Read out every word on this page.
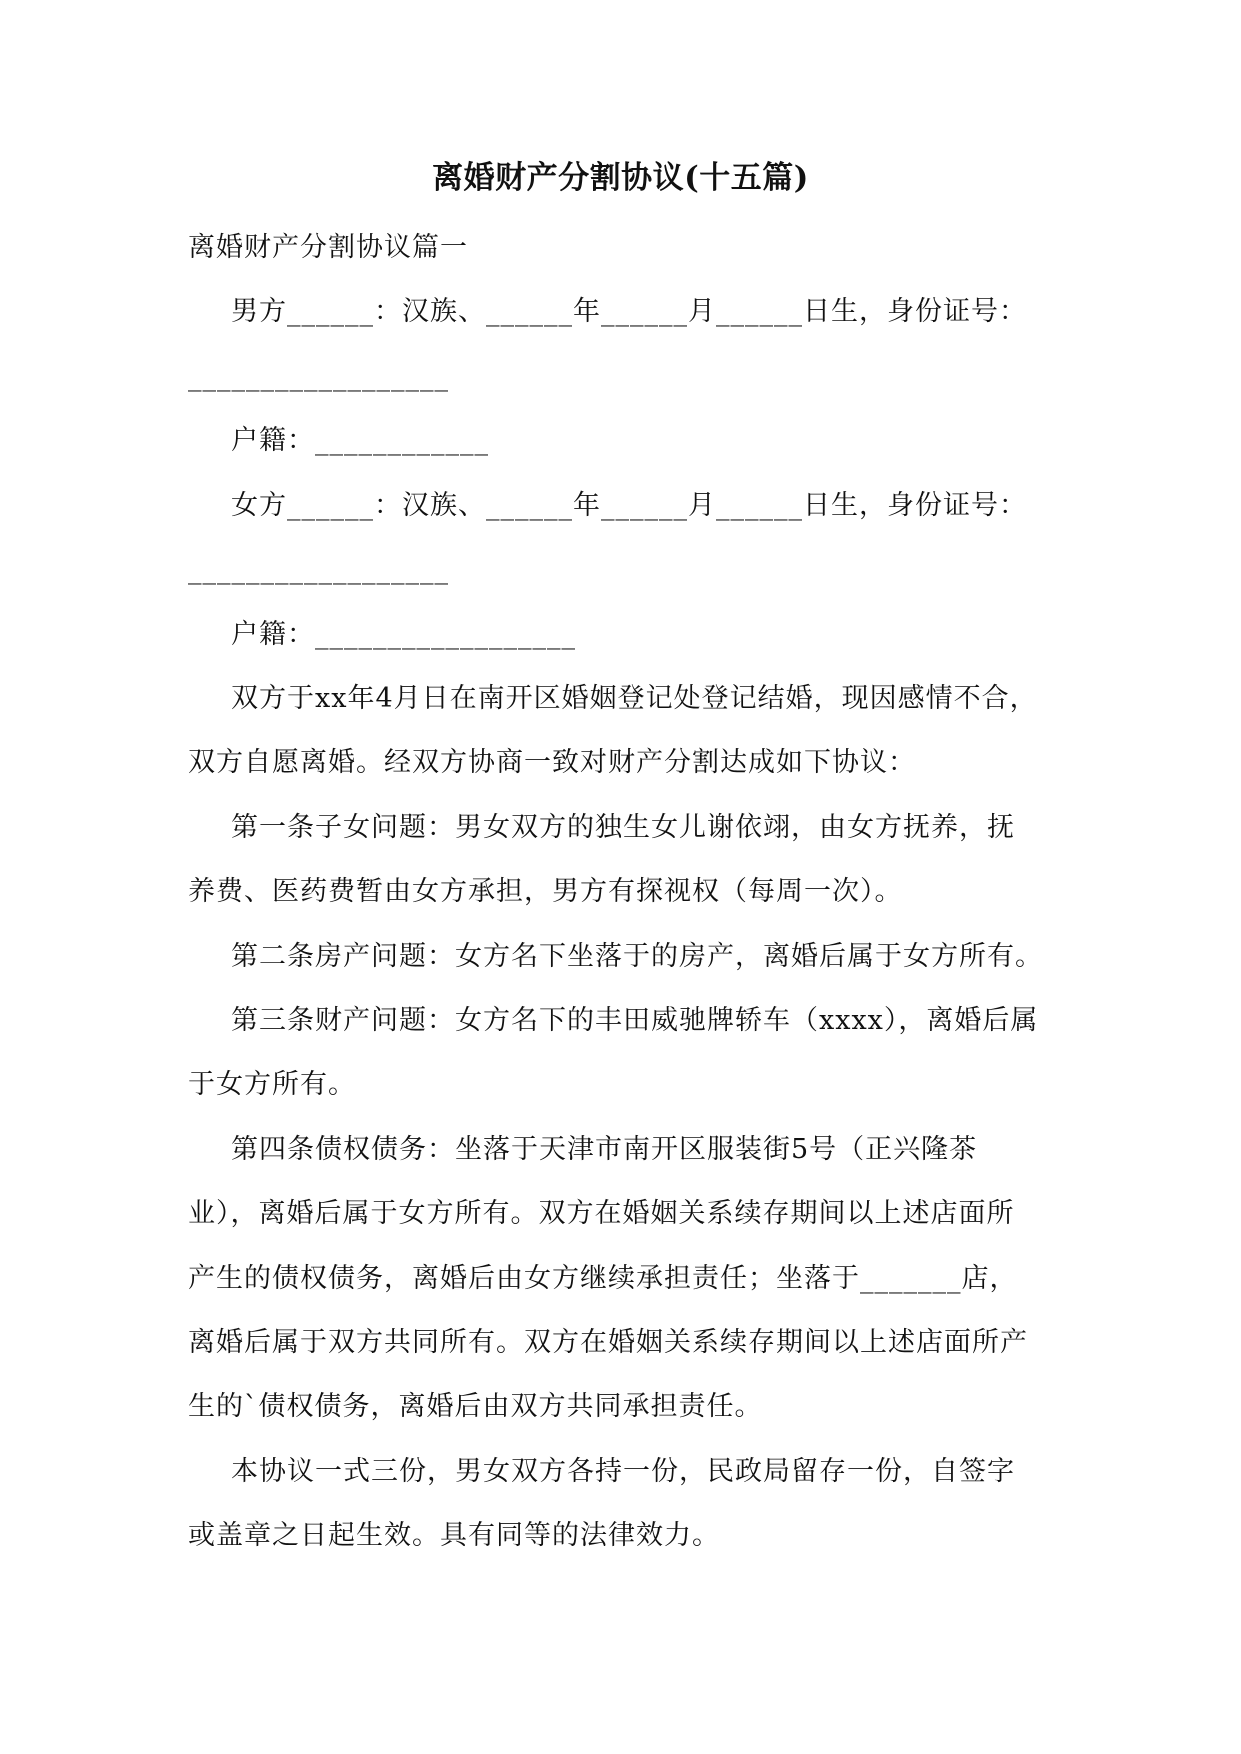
离婚财产分割协议(十五篇)
离婚财产分割协议篇一
男方______：汉族、______年______月______日生，身份证号：
__________________
户籍：____________
女方______：汉族、______年______月______日生，身份证号：
__________________
户籍：__________________
双方于xx年4月日在南开区婚姻登记处登记结婚，现因感情不合，
双方自愿离婚。经双方协商一致对财产分割达成如下协议：
第一条子女问题：男女双方的独生女儿谢依翊，由女方抚养，抚
养费、医药费暂由女方承担，男方有探视权（每周一次）。
第二条房产问题：女方名下坐落于的房产，离婚后属于女方所有。
第三条财产问题：女方名下的丰田威驰牌轿车（xxxx），离婚后属
于女方所有。
第四条债权债务：坐落于天津市南开区服装街5号（正兴隆茶
业），离婚后属于女方所有。双方在婚姻关系续存期间以上述店面所
产生的债权债务，离婚后由女方继续承担责任；坐落于_______店，
离婚后属于双方共同所有。双方在婚姻关系续存期间以上述店面所产
生的`债权债务，离婚后由双方共同承担责任。
本协议一式三份，男女双方各持一份，民政局留存一份，自签字
或盖章之日起生效。具有同等的法律效力。
